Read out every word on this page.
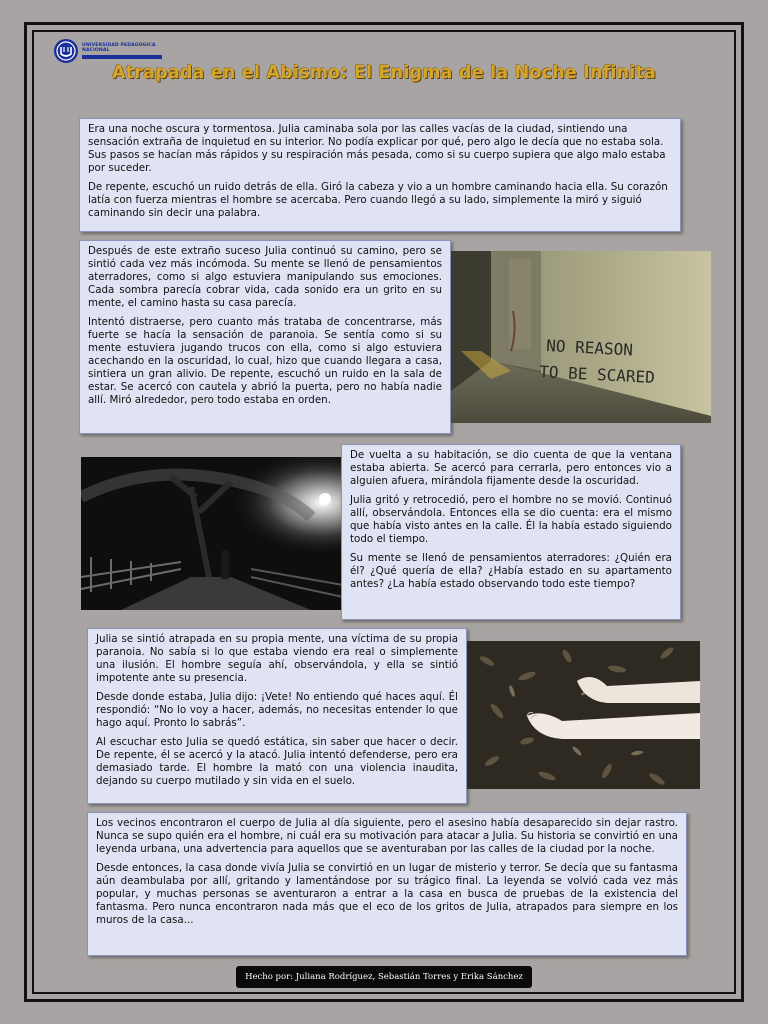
UNIVERSIDAD PEDAGÓGICA
NACIONAL
Atrapada en el Abismo: El Enigma de la Noche Infinita

Era una noche oscura y tormentosa. Julia caminaba sola por las calles vacías de la ciudad, sintiendo una sensación extraña de inquietud en su interior. No podía explicar por qué, pero algo le decía que no estaba sola. Sus pasos se hacían más rápidos y su respiración más pesada, como si su cuerpo supiera que algo malo estaba por suceder.

De repente, escuchó un ruido detrás de ella. Giró la cabeza y vio a un hombre caminando hacia ella. Su corazón latía con fuerza mientras el hombre se acercaba. Pero cuando llegó a su lado, simplemente la miró y siguió caminando sin decir una palabra.

Después de este extraño suceso Julia continuó su camino, pero se sintió cada vez más incómoda. Su mente se llenó de pensamientos aterradores, como si algo estuviera manipulando sus emociones. Cada sombra parecía cobrar vida, cada sonido era un grito en su mente, el camino hasta su casa parecía.

Intentó distraerse, pero cuanto más trataba de concentrarse, más fuerte se hacía la sensación de paranoia. Se sentía como si su mente estuviera jugando trucos con ella, como si algo estuviera acechando en la oscuridad, lo cual, hizo que cuando llegara a casa, sintiera un gran alivio. De repente, escuchó un ruido en la sala de estar. Se acercó con cautela y abrió la puerta, pero no había nadie allí. Miró alrededor, pero todo estaba en orden.

NO REASON
TO BE SCARED

De vuelta a su habitación, se dio cuenta de que la ventana estaba abierta. Se acercó para cerrarla, pero entonces vio a alguien afuera, mirándola fijamente desde la oscuridad.

Julia gritó y retrocedió, pero el hombre no se movió. Continuó allí, observándola. Entonces ella se dio cuenta: era el mismo que había visto antes en la calle. Él la había estado siguiendo todo el tiempo.

Su mente se llenó de pensamientos aterradores: ¿Quién era él? ¿Qué quería de ella? ¿Había estado en su apartamento antes? ¿La había estado observando todo este tiempo?

Julia se sintió atrapada en su propia mente, una víctima de su propia paranoia. No sabía si lo que estaba viendo era real o simplemente una ilusión. El hombre seguía ahí, observándola, y ella se sintió impotente ante su presencia.

Desde donde estaba, Julia dijo: ¡Vete! No entiendo qué haces aquí. Él respondió: “No lo voy a hacer, además, no necesitas entender lo que hago aquí. Pronto lo sabrás”.

Al escuchar esto Julia se quedó estática, sin saber que hacer o decir. De repente, él se acercó y la atacó. Julia intentó defenderse, pero era demasiado tarde. El hombre la mató con una violencia inaudita, dejando su cuerpo mutilado y sin vida en el suelo.

Los vecinos encontraron el cuerpo de Julia al día siguiente, pero el asesino había desaparecido sin dejar rastro. Nunca se supo quién era el hombre, ni cuál era su motivación para atacar a Julia. Su historia se convirtió en una leyenda urbana, una advertencia para aquellos que se aventuraban por las calles de la ciudad por la noche.

Desde entonces, la casa donde vivía Julia se convirtió en un lugar de misterio y terror. Se decía que su fantasma aún deambulaba por allí, gritando y lamentándose por su trágico final. La leyenda se volvió cada vez más popular, y muchas personas se aventuraron a entrar a la casa en busca de pruebas de la existencia del fantasma. Pero nunca encontraron nada más que el eco de los gritos de Julia, atrapados para siempre en los muros de la casa...

Hecho por: Juliana Rodríguez, Sebastián Torres y Erika Sánchez
